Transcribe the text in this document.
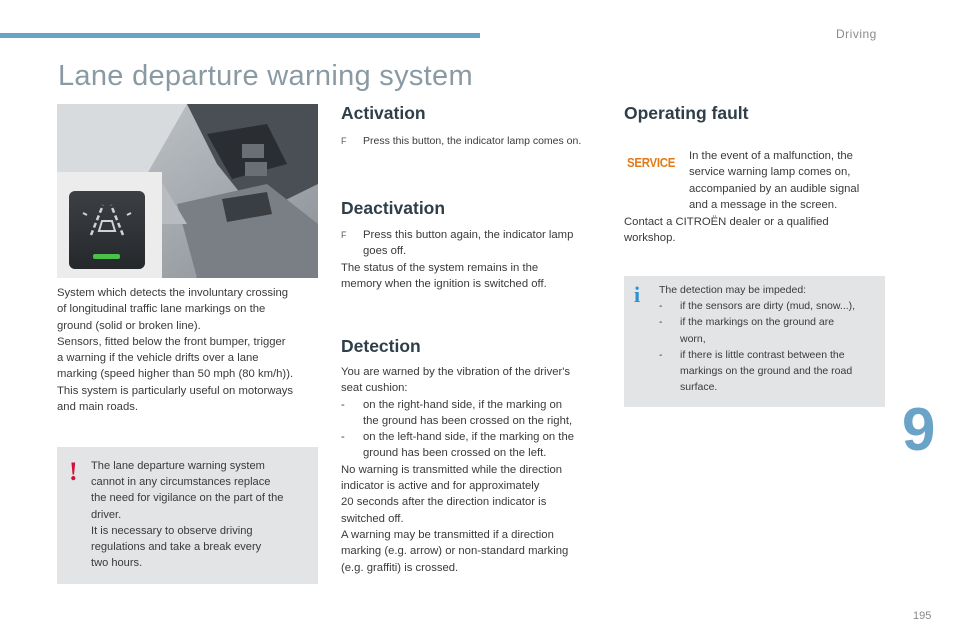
Driving
Lane departure warning system
System which detects the involuntary crossing
of longitudinal traffic lane markings on the
ground (solid or broken line).
Sensors, fitted below the front bumper, trigger
a warning if the vehicle drifts over a lane
marking (speed higher than 50 mph (80 km/h)).
This system is particularly useful on motorways
and main roads.
! The lane departure warning system
cannot in any circumstances replace
the need for vigilance on the part of the
driver.
It is necessary to observe driving
regulations and take a break every
two hours.
Activation
F Press this button, the indicator lamp comes on.
Deactivation
F Press this button again, the indicator lamp
goes off.
The status of the system remains in the
memory when the ignition is switched off.
Detection
You are warned by the vibration of the driver's
seat cushion:
- on the right-hand side, if the marking on
the ground has been crossed on the right,
- on the left-hand side, if the marking on the
ground has been crossed on the left.
No warning is transmitted while the direction
indicator is active and for approximately
20 seconds after the direction indicator is
switched off.
A warning may be transmitted if a direction
marking (e.g. arrow) or non-standard marking
(e.g. graffiti) is crossed.
Operating fault
SERVICE In the event of a malfunction, the
service warning lamp comes on,
accompanied by an audible signal
and a message in the screen.
Contact a CITROËN dealer or a qualified
workshop.
i The detection may be impeded:
- if the sensors are dirty (mud, snow...),
- if the markings on the ground are
worn,
- if there is little contrast between the
markings on the ground and the road
surface.
9
195
